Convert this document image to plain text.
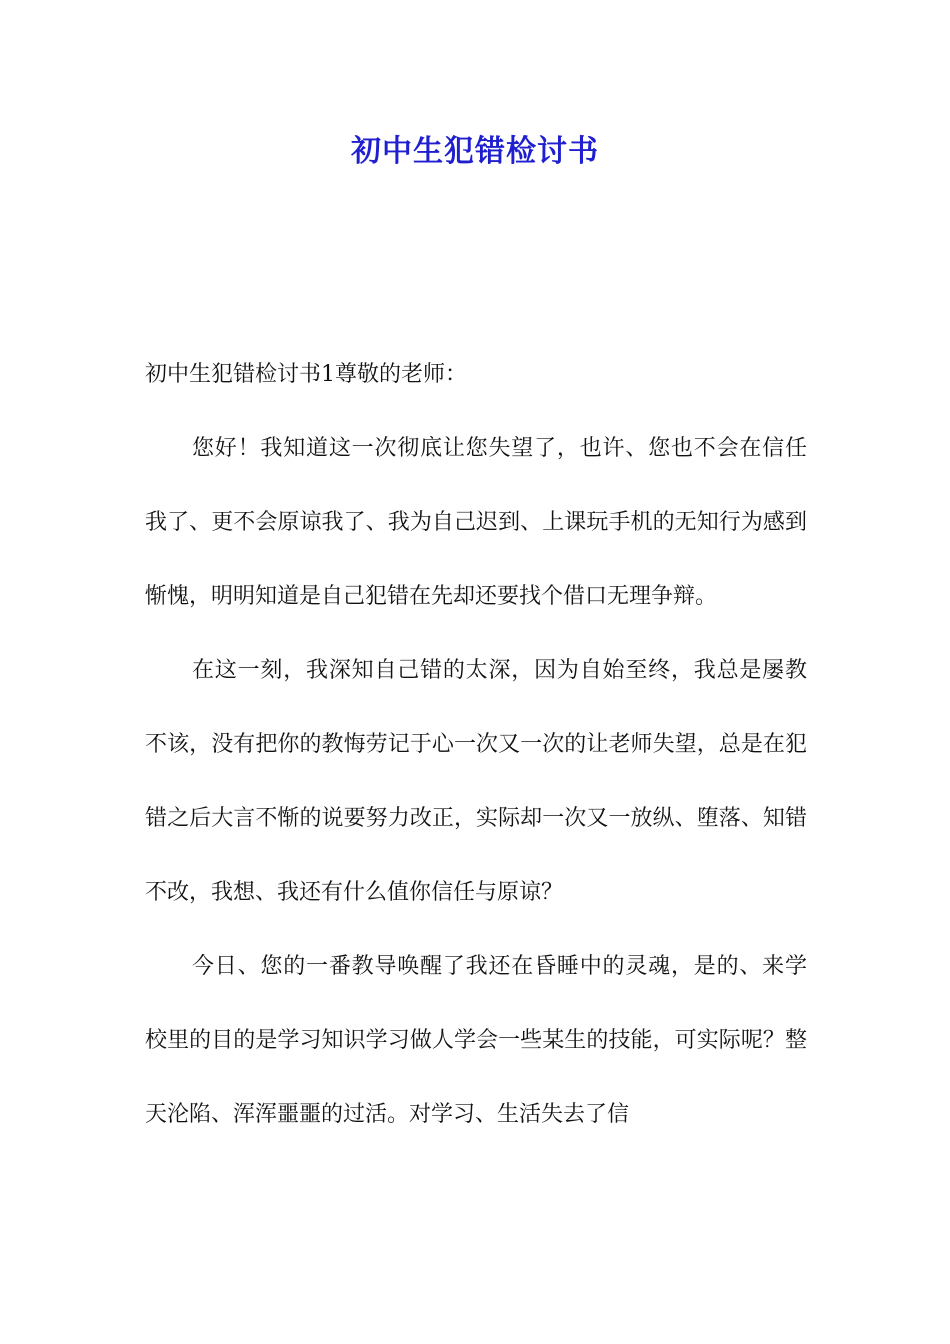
初中生犯错检讨书

初中生犯错检讨书1尊敬的老师：

您好！我知道这一次彻底让您失望了，也许、您也不会在信任我了、更不会原谅我了、我为自己迟到、上课玩手机的无知行为感到惭愧，明明知道是自己犯错在先却还要找个借口无理争辩。

在这一刻，我深知自己错的太深，因为自始至终，我总是屡教不该，没有把你的教悔劳记于心一次又一次的让老师失望，总是在犯错之后大言不惭的说要努力改正，实际却一次又一放纵、堕落、知错不改，我想、我还有什么值你信任与原谅？

今日、您的一番教导唤醒了我还在昏睡中的灵魂，是的、来学校里的目的是学习知识学习做人学会一些某生的技能，可实际呢？整天沦陷、浑浑噩噩的过活。对学习、生活失去了信
